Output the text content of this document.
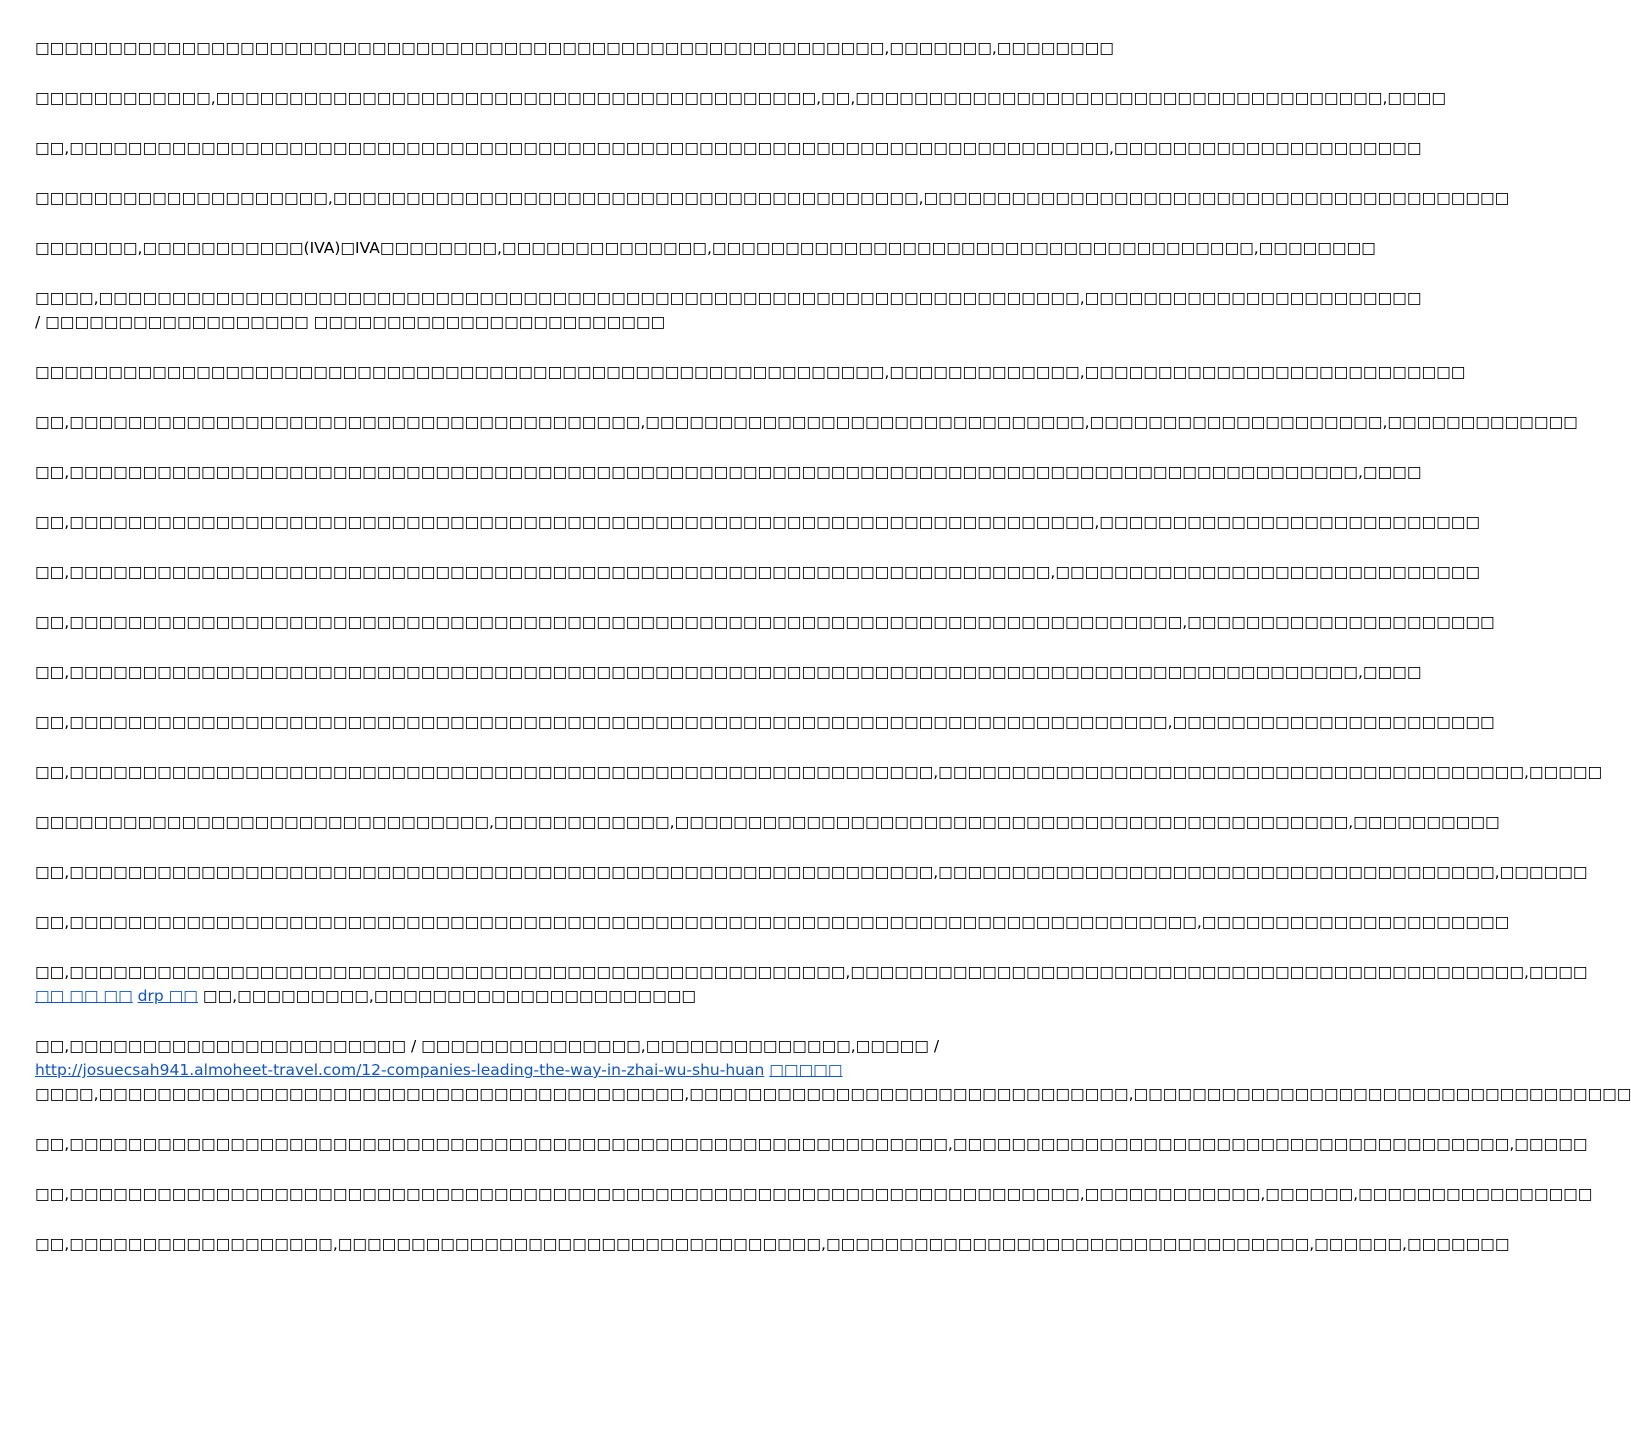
□□□□□□□□□□□□□□□□□□□□□□□□□□□□□□□□□□□□□□□□□□□□□□□□□□□□□□□□□□,□□□□□□□,□□□□□□□□

□□□□□□□□□□□□,□□□□□□□□□□□□□□□□□□□□□□□□□□□□□□□□□□□□□□□□□,□□,□□□□□□□□□□□□□□□□□□□□□□□□□□□□□□□□□□□□,□□□□

□□,□□□□□□□□□□□□□□□□□□□□□□□□□□□□□□□□□□□□□□□□□□□□□□□□□□□□□□□□□□□□□□□□□□□□□□□,□□□□□□□□□□□□□□□□□□□□□

□□□□□□□□□□□□□□□□□□□□,□□□□□□□□□□□□□□□□□□□□□□□□□□□□□□□□□□□□□□□□,□□□□□□□□□□□□□□□□□□□□□□□□□□□□□□□□□□□□□□□□

□□□□□□□,□□□□□□□□□□□(IVA)□IVA□□□□□□□□,□□□□□□□□□□□□□□,□□□□□□□□□□□□□□□□□□□□□□□□□□□□□□□□□□□□□,□□□□□□□□

□□□□,□□□□□□□□□□□□□□□□□□□□□□□□□□□□□□□□□□□□□□□□□□□□□□□□□□□□□□□□□□□□□□□□□□□,□□□□□□□□□□□□□□□□□□□□□□□
/ □□□□□□□□□□□□□□□□□□ □□□□□□□□□□□□□□□□□□□□□□□□

□□□□□□□□□□□□□□□□□□□□□□□□□□□□□□□□□□□□□□□□□□□□□□□□□□□□□□□□□□,□□□□□□□□□□□□□,□□□□□□□□□□□□□□□□□□□□□□□□□□

□□,□□□□□□□□□□□□□□□□□□□□□□□□□□□□□□□□□□□□□□□,□□□□□□□□□□□□□□□□□□□□□□□□□□□□□□,□□□□□□□□□□□□□□□□□□□□,□□□□□□□□□□□□□

□□,□□□□□□□□□□□□□□□□□□□□□□□□□□□□□□□□□□□□□□□□□□□□□□□□□□□□□□□□□□□□□□□□□□□□□□□□□□□□□□□□□□□□□□□□,□□□□

□□,□□□□□□□□□□□□□□□□□□□□□□□□□□□□□□□□□□□□□□□□□□□□□□□□□□□□□□□□□□□□□□□□□□□□□□,□□□□□□□□□□□□□□□□□□□□□□□□□□

□□,□□□□□□□□□□□□□□□□□□□□□□□□□□□□□□□□□□□□□□□□□□□□□□□□□□□□□□□□□□□□□□□□□□□,□□□□□□□□□□□□□□□□□□□□□□□□□□□□□

□□,□□□□□□□□□□□□□□□□□□□□□□□□□□□□□□□□□□□□□□□□□□□□□□□□□□□□□□□□□□□□□□□□□□□□□□□□□□□□,□□□□□□□□□□□□□□□□□□□□□

□□,□□□□□□□□□□□□□□□□□□□□□□□□□□□□□□□□□□□□□□□□□□□□□□□□□□□□□□□□□□□□□□□□□□□□□□□□□□□□□□□□□□□□□□□□,□□□□

□□,□□□□□□□□□□□□□□□□□□□□□□□□□□□□□□□□□□□□□□□□□□□□□□□□□□□□□□□□□□□□□□□□□□□□□□□□□□□,□□□□□□□□□□□□□□□□□□□□□□

□□,□□□□□□□□□□□□□□□□□□□□□□□□□□□□□□□□□□□□□□□□□□□□□□□□□□□□□□□□□□□,□□□□□□□□□□□□□□□□□□□□□□□□□□□□□□□□□□□□□□□□,□□□□□

□□□□□□□□□□□□□□□□□□□□□□□□□□□□□□□,□□□□□□□□□□□□,□□□□□□□□□□□□□□□□□□□□□□□□□□□□□□□□□□□□□□□□□□□□□□,□□□□□□□□□□

□□,□□□□□□□□□□□□□□□□□□□□□□□□□□□□□□□□□□□□□□□□□□□□□□□□□□□□□□□□□□□,□□□□□□□□□□□□□□□□□□□□□□□□□□□□□□□□□□□□□□,□□□□□□

□□,□□□□□□□□□□□□□□□□□□□□□□□□□□□□□□□□□□□□□□□□□□□□□□□□□□□□□□□□□□□□□□□□□□□□□□□□□□□□□,□□□□□□□□□□□□□□□□□□□□□

□□,□□□□□□□□□□□□□□□□□□□□□□□□□□□□□□□□□□□□□□□□□□□□□□□□□□□□□,□□□□□□□□□□□□□□□□□□□□□□□□□□□□□□□□□□□□□□□□□□□□□□,□□□□
□□ □□ □□ drp □□ □□,□□□□□□□□□,□□□□□□□□□□□□□□□□□□□□□□

□□,□□□□□□□□□□□□□□□□□□□□□□□ / □□□□□□□□□□□□□□□,□□□□□□□□□□□□□□,□□□□□ / http://josuecsah941.almoheet-travel.com/12-companies-leading-the-way-in-zhai-wu-shu-huan □□□□□
□□□□,□□□□□□□□□□□□□□□□□□□□□□□□□□□□□□□□□□□□□□□□,□□□□□□□□□□□□□□□□□□□□□□□□□□□□□□,□□□□□□□□□□□□□□□□□□□□□□□□□□□□□□□□□□

□□,□□□□□□□□□□□□□□□□□□□□□□□□□□□□□□□□□□□□□□□□□□□□□□□□□□□□□□□□□□□□,□□□□□□□□□□□□□□□□□□□□□□□□□□□□□□□□□□□□□□,□□□□□

□□,□□□□□□□□□□□□□□□□□□□□□□□□□□□□□□□□□□□□□□□□□□□□□□□□□□□□□□□□□□□□□□□□□□□□□,□□□□□□□□□□□□,□□□□□□,□□□□□□□□□□□□□□□□

□□,□□□□□□□□□□□□□□□□□□,□□□□□□□□□□□□□□□□□□□□□□□□□□□□□□□□□,□□□□□□□□□□□□□□□□□□□□□□□□□□□□□□□□□,□□□□□□,□□□□□□□
